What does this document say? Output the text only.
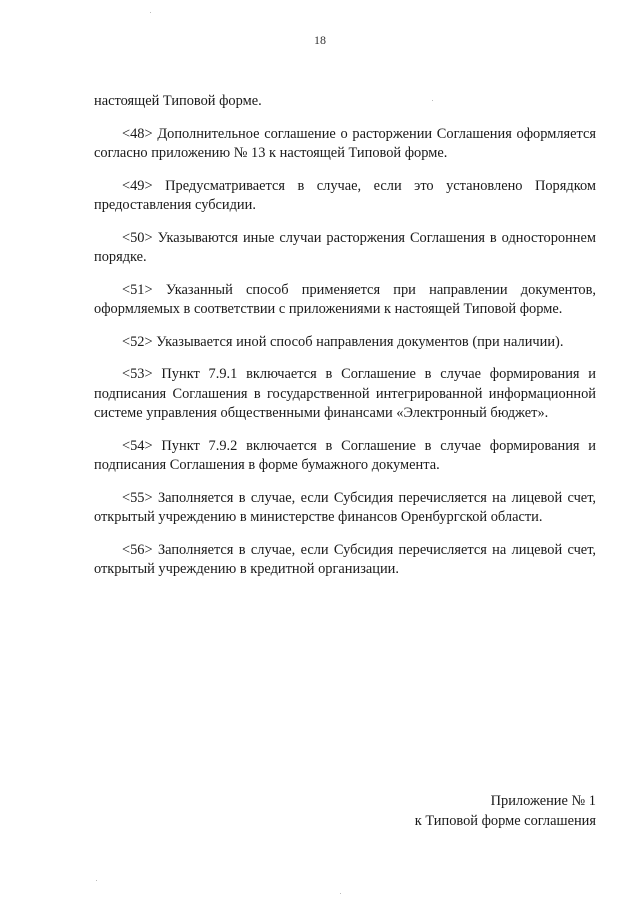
18

настоящей Типовой форме.

<48> Дополнительное соглашение о расторжении Соглашения оформляется согласно приложению № 13 к настоящей Типовой форме.

<49> Предусматривается в случае, если это установлено Порядком предоставления субсидии.

<50> Указываются иные случаи расторжения Соглашения в одностороннем порядке.

<51> Указанный способ применяется при направлении документов, оформляемых в соответствии с приложениями к настоящей Типовой форме.

<52> Указывается иной способ направления документов (при наличии).

<53> Пункт 7.9.1 включается в Соглашение в случае формирования и подписания Соглашения в государственной интегрированной информационной системе управления общественными финансами «Электронный бюджет».

<54> Пункт 7.9.2 включается в Соглашение в случае формирования и подписания Соглашения в форме бумажного документа.

<55> Заполняется в случае, если Субсидия перечисляется на лицевой счет, открытый учреждению в министерстве финансов Оренбургской области.

<56> Заполняется в случае, если Субсидия перечисляется на лицевой счет, открытый учреждению в кредитной организации.

Приложение № 1
к Типовой форме соглашения
